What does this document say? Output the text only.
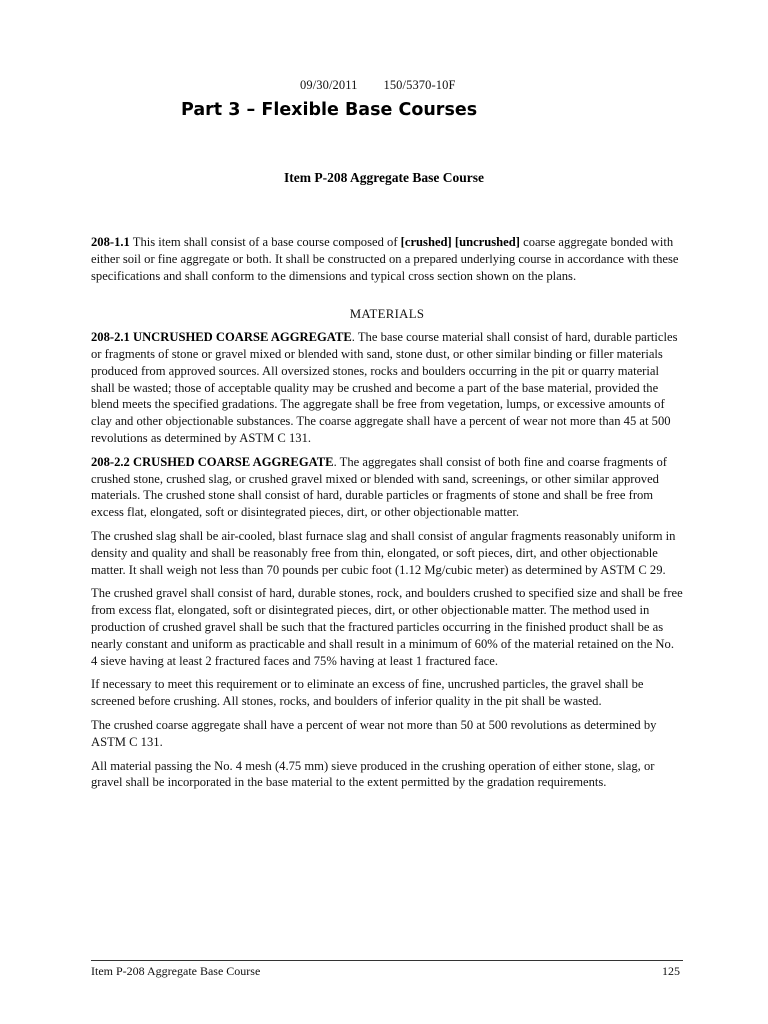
09/30/2011 150/5370-10F
Part 3 – Flexible Base Courses
Item P-208 Aggregate Base Course

208-1.1 This item shall consist of a base course composed of [crushed] [uncrushed] coarse aggregate bonded with either soil or fine aggregate or both. It shall be constructed on a prepared underlying course in accordance with these specifications and shall conform to the dimensions and typical cross section shown on the plans.

MATERIALS

208-2.1 UNCRUSHED COARSE AGGREGATE. The base course material shall consist of hard, durable particles or fragments of stone or gravel mixed or blended with sand, stone dust, or other similar binding or filler materials produced from approved sources. All oversized stones, rocks and boulders occurring in the pit or quarry material shall be wasted; those of acceptable quality may be crushed and become a part of the base material, provided the blend meets the specified gradations. The aggregate shall be free from vegetation, lumps, or excessive amounts of clay and other objectionable substances. The coarse aggregate shall have a percent of wear not more than 45 at 500 revolutions as determined by ASTM C 131.

208-2.2 CRUSHED COARSE AGGREGATE. The aggregates shall consist of both fine and coarse fragments of crushed stone, crushed slag, or crushed gravel mixed or blended with sand, screenings, or other similar approved materials. The crushed stone shall consist of hard, durable particles or fragments of stone and shall be free from excess flat, elongated, soft or disintegrated pieces, dirt, or other objectionable matter.

The crushed slag shall be air-cooled, blast furnace slag and shall consist of angular fragments reasonably uniform in density and quality and shall be reasonably free from thin, elongated, or soft pieces, dirt, and other objectionable matter. It shall weigh not less than 70 pounds per cubic foot (1.12 Mg/cubic meter) as determined by ASTM C 29.

The crushed gravel shall consist of hard, durable stones, rock, and boulders crushed to specified size and shall be free from excess flat, elongated, soft or disintegrated pieces, dirt, or other objectionable matter. The method used in production of crushed gravel shall be such that the fractured particles occurring in the finished product shall be as nearly constant and uniform as practicable and shall result in a minimum of 60% of the material retained on the No. 4 sieve having at least 2 fractured faces and 75% having at least 1 fractured face.

If necessary to meet this requirement or to eliminate an excess of fine, uncrushed particles, the gravel shall be screened before crushing. All stones, rocks, and boulders of inferior quality in the pit shall be wasted.

The crushed coarse aggregate shall have a percent of wear not more than 50 at 500 revolutions as determined by ASTM C 131.

All material passing the No. 4 mesh (4.75 mm) sieve produced in the crushing operation of either stone, slag, or gravel shall be incorporated in the base material to the extent permitted by the gradation requirements.

Item P-208 Aggregate Base Course	125
